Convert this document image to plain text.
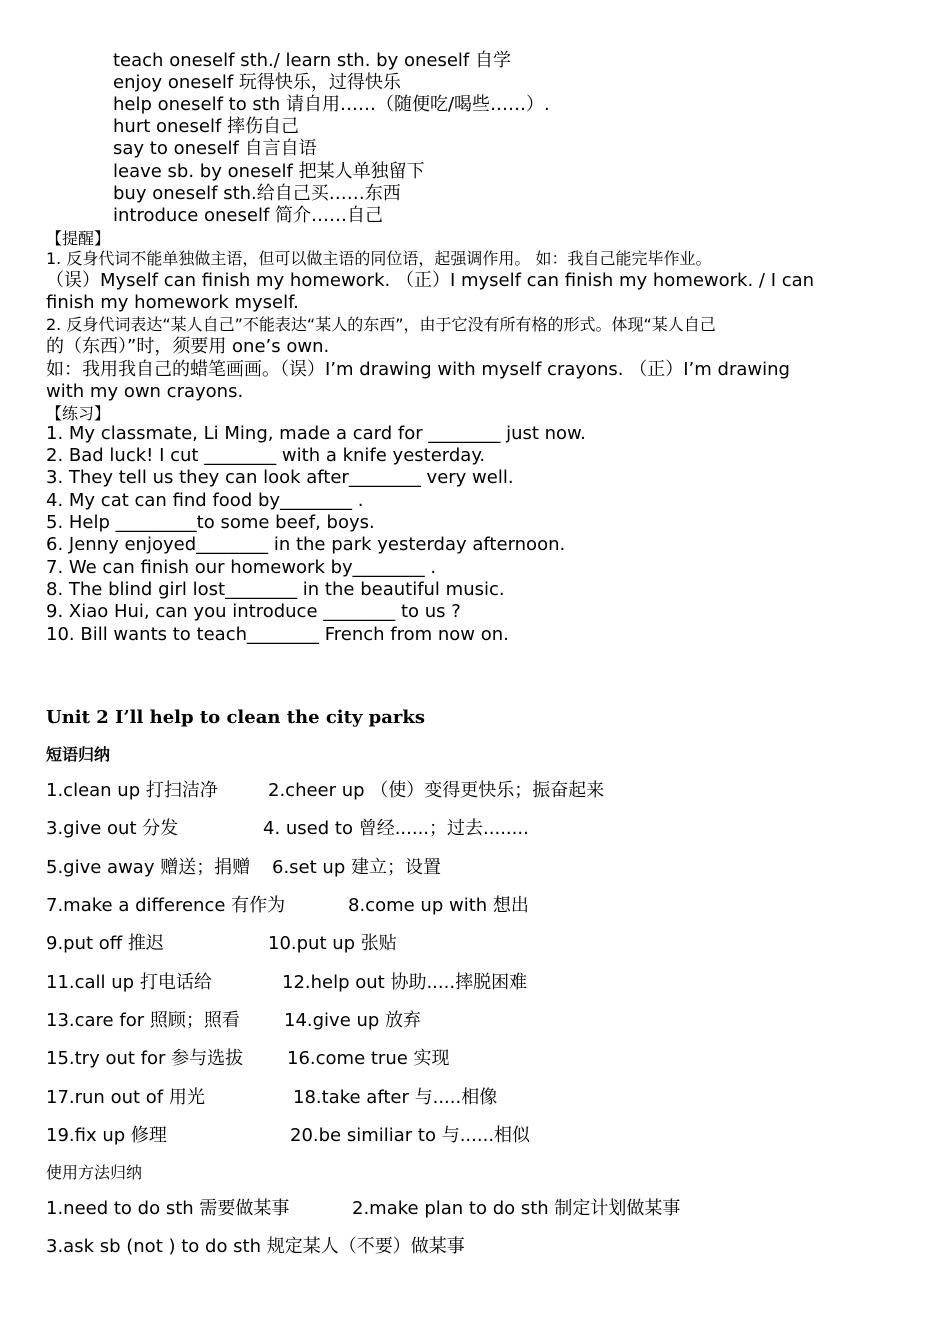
teach oneself sth./ learn sth. by oneself 自学
enjoy oneself 玩得快乐，过得快乐
help oneself to sth 请自用……（随便吃/喝些……）.
hurt oneself 摔伤自己
say to oneself 自言自语
leave sb. by oneself 把某人单独留下
buy oneself sth.给自己买……东西
introduce oneself 简介……自己
【提醒】
1. 反身代词不能单独做主语，但可以做主语的同位语，起强调作用。 如：我自己能完毕作业。
（误）Myself can finish my homework. （正）I myself can finish my homework. / I can
finish my homework myself.
2. 反身代词表达“某人自己”不能表达“某人的东西”，由于它没有所有格的形式。体现“某人自己
的（东西）”时，须要用 one’s own.
如：我用我自己的蜡笔画画。（误）I’m drawing with myself crayons. （正）I’m drawing
with my own crayons.
【练习】
1. My classmate, Li Ming, made a card for ________ just now.
2. Bad luck! I cut ________ with a knife yesterday.
3. They tell us they can look after________ very well.
4. My cat can find food by________ .
5. Help _________to some beef, boys.
6. Jenny enjoyed________ in the park yesterday afternoon.
7. We can finish our homework by________ .
8. The blind girl lost________ in the beautiful music.
9. Xiao Hui, can you introduce ________ to us ?
10. Bill wants to teach________ French from now on.
Unit 2 I’ll help to clean the city parks
短语归纳
1.clean up 打扫洁净	2.cheer up （使）变得更快乐；振奋起来
3.give out 分发	4. used to 曾经......；过去........
5.give away 赠送；捐赠 6.set up 建立；设置
7.make a difference 有作为	8.come up with 想出
9.put off 推迟	10.put up 张贴
11.call up 打电话给	12.help out 协助.....摔脱困难
13.care for 照顾；照看 14.give up 放弃
15.try out for 参与选拔 16.come true 实现
17.run out of 用光	18.take after 与.....相像
19.fix up 修理	20.be similiar to 与......相似
使用方法归纳
1.need to do sth 需要做某事	2.make plan to do sth 制定计划做某事
3.ask sb (not ) to do sth 规定某人（不要）做某事
